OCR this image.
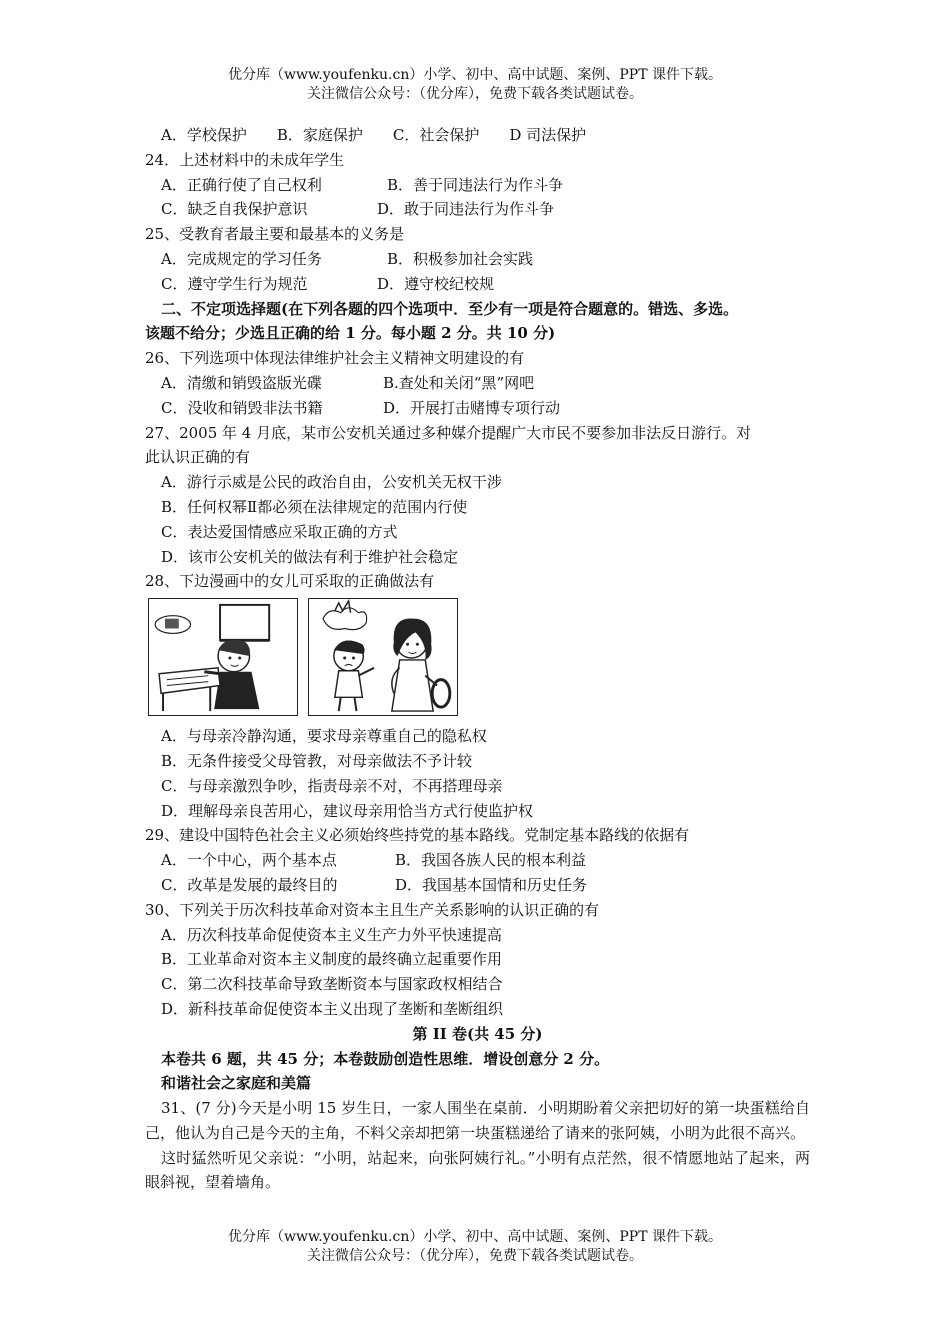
优分库（www.youfenku.cn）小学、初中、高中试题、案例、PPT 课件下载。
关注微信公众号：（优分库），免费下载各类试题试卷。
A．学校保护 B．家庭保护 C．社会保护 D 司法保护
24．上述材料中的未成年学生
A．正确行使了自己权利	B．善于同违法行为作斗争
C．缺乏自我保护意识	D．敢于同违法行为作斗争
25、受教育者最主要和最基本的义务是
A．完成规定的学习任务	B．积极参加社会实践
C．遵守学生行为规范	D．遵守校纪校规
二、不定项选择题(在下列各题的四个选项中．至少有一项是符合题意的。错选、多选。
该题不给分；少选且正确的给 1 分。每小题 2 分。共 10 分)
26、下列选项中体现法律维护社会主义精神文明建设的有
A．清缴和销毁盗版光碟	B.查处和关闭“黑”网吧
C．没收和销毁非法书籍	D．开展打击赌博专项行动
27、2005 年 4 月底，某市公安机关通过多种媒介提醒广大市民不要参加非法反日游行。对
此认识正确的有
A．游行示威是公民的政治自由，公安机关无权干涉
B．任何权幂Ⅱ都必须在法律规定的范围内行使
C．表达爱国情感应采取正确的方式
D．该市公安机关的做法有利于维护社会稳定
28、下边漫画中的女儿可采取的正确做法有
A．与母亲冷静沟通，要求母亲尊重自己的隐私权
B．无条件接受父母管教，对母亲做法不予计较
C．与母亲激烈争吵，指责母亲不对，不再搭理母亲
D．理解母亲良苦用心，建议母亲用恰当方式行使监护权
29、建设中国特色社会主义必须始终些持党的基本路线。党制定基本路线的依据有
A．一个中心，两个基本点	B．我国各族人民的根本利益
C．改革是发展的最终目的	D．我国基本国情和历史任务
30、下列关于历次科技革命对资本主且生产关系影响的认识正确的有
A．历次科技革命促使资本主义生产力外平快速提高
B．工业革命对资本主义制度的最终确立起重要作用
C．第二次科技革命导致垄断资本与国家政权相结合
D．新科技革命促使资本主义出现了垄断和垄断组织
第 II 卷(共 45 分)
本卷共 6 题，共 45 分；本卷鼓励创造性思维．增设创意分 2 分。
和谐社会之家庭和美篇
31、(7 分)今天是小明 15 岁生日，一家人围坐在桌前．小明期盼着父亲把切好的第一块蛋糕给自己，他认为自己是今天的主角，不料父亲却把第一块蛋糕递给了请来的张阿姨，小明为此很不高兴。
这时猛然听见父亲说：“小明，站起来，向张阿姨行礼。”小明有点茫然，很不情愿地站了起来，两眼斜视，望着墙角。
优分库（www.youfenku.cn）小学、初中、高中试题、案例、PPT 课件下载。
关注微信公众号：（优分库），免费下载各类试题试卷。
